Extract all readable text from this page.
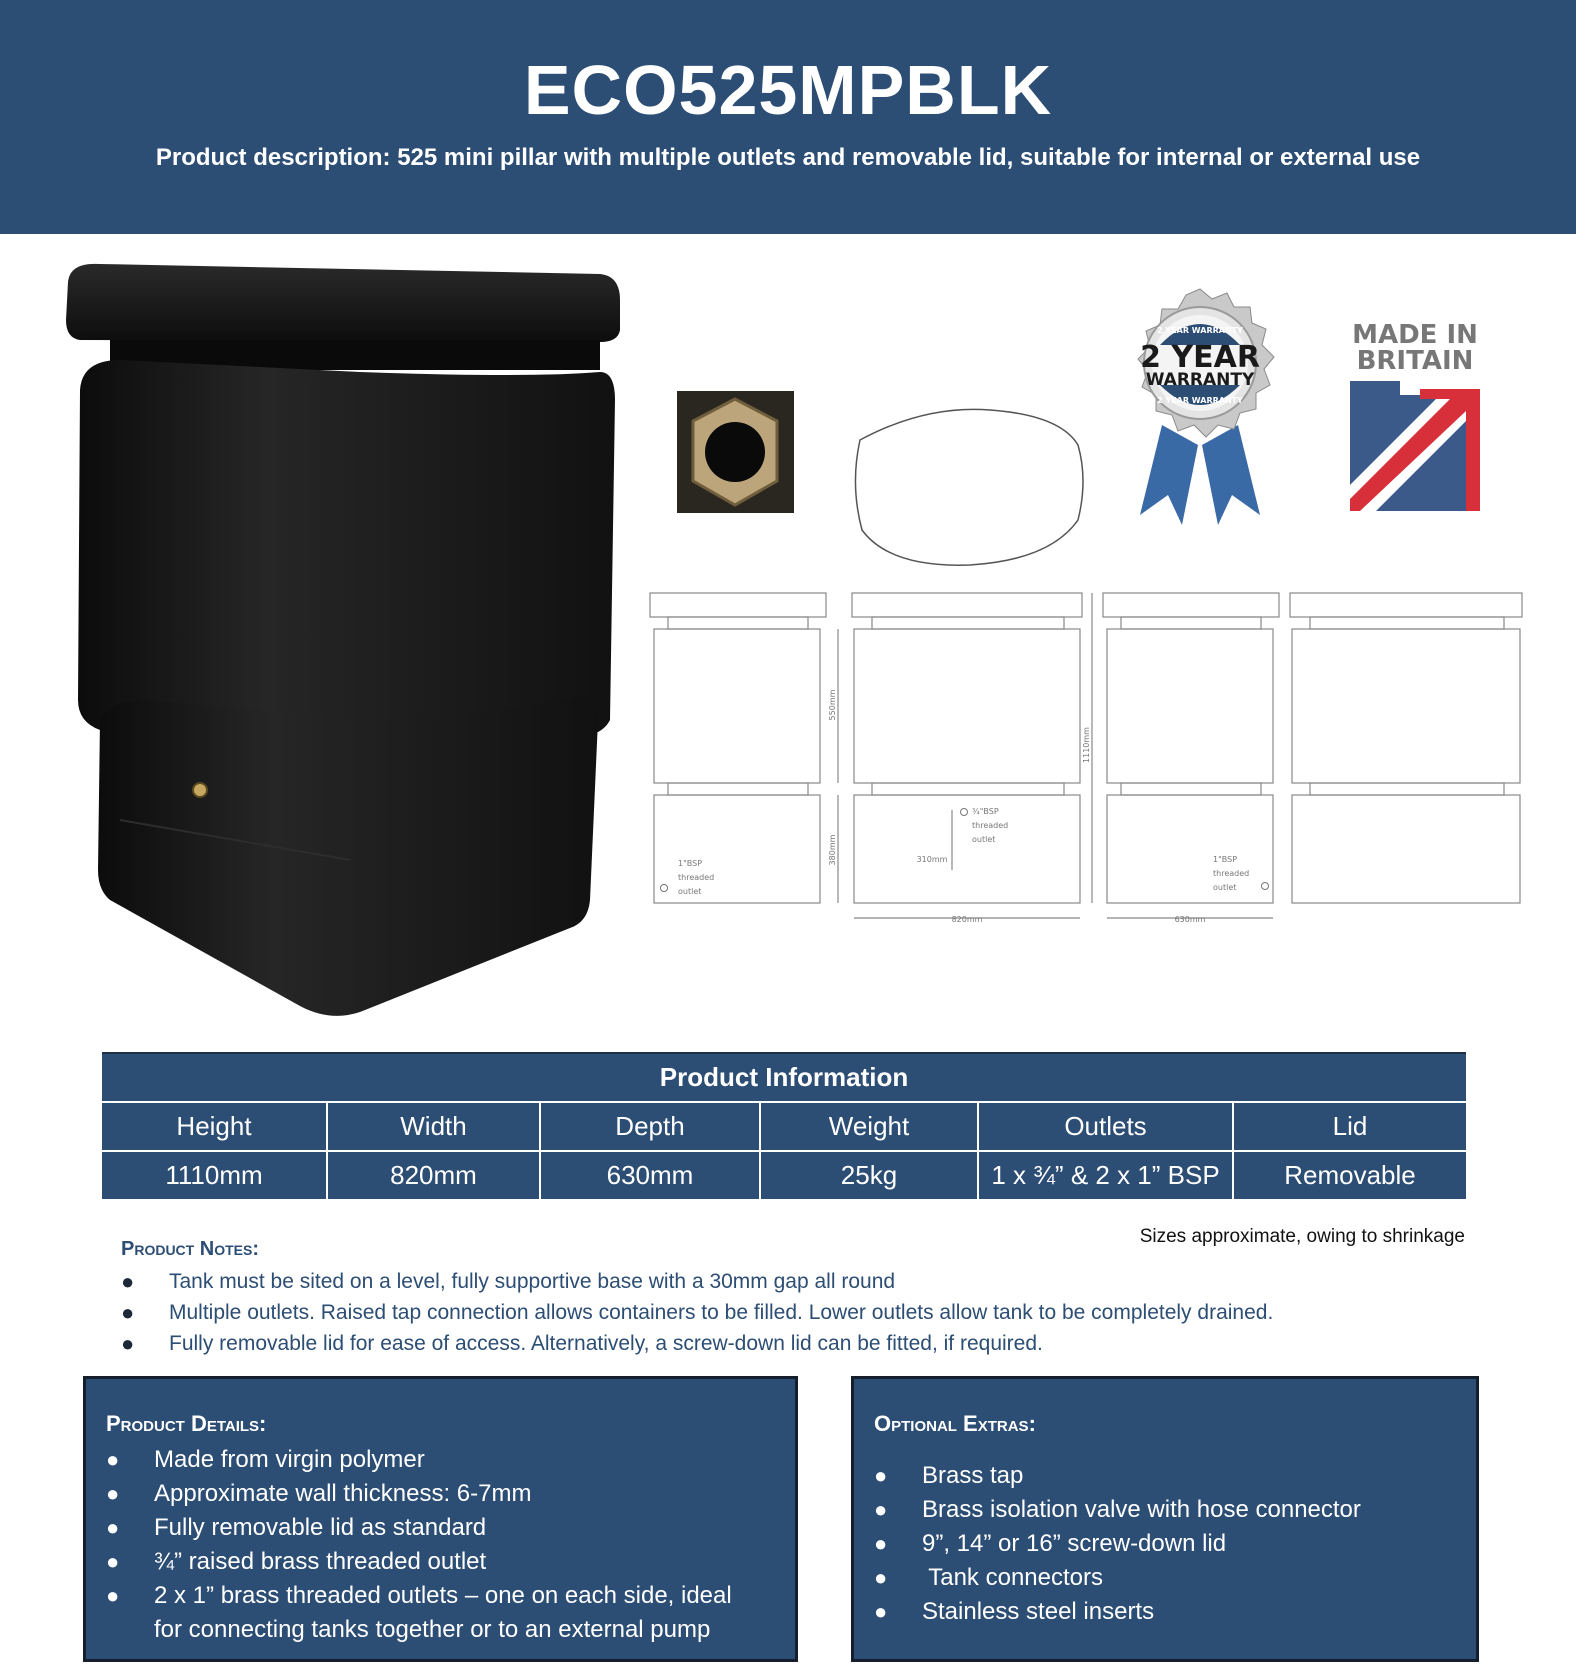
ECO525MPBLK
Product description: 525 mini pillar with multiple outlets and removable lid, suitable for internal or external use
550mm
380mm
1110mm
310mm
820mm	630mm
1"BSP
threaded
outlet
¾"BSP
threaded
outlet
1"BSP
threaded
outlet
2 YEAR WARRANTY
2 YEAR WARRANTY
2 YEAR
WARRANTY
MADE IN
BRITAIN
Product Information					
Height	Width	Depth	Weight	Outlets	Lid
1110mm	820mm	630mm	25kg	1 x ¾” & 2 x 1” BSP	Removable
Sizes approximate, owing to shrinkage
Product Notes:
● Tank must be sited on a level, fully supportive base with a 30mm gap all round
● Multiple outlets. Raised tap connection allows containers to be filled. Lower outlets allow tank to be completely drained.
● Fully removable lid for ease of access. Alternatively, a screw-down lid can be fitted, if required.
Product Details:
● Made from virgin polymer
● Approximate wall thickness: 6-7mm
● Fully removable lid as standard
● ¾” raised brass threaded outlet
● 2 x 1” brass threaded outlets – one on each side, ideal for connecting tanks together or to an external pump
Optional Extras:
● Brass tap
● Brass isolation valve with hose connector
● 9”, 14” or 16” screw-down lid
● Tank connectors
● Stainless steel inserts
